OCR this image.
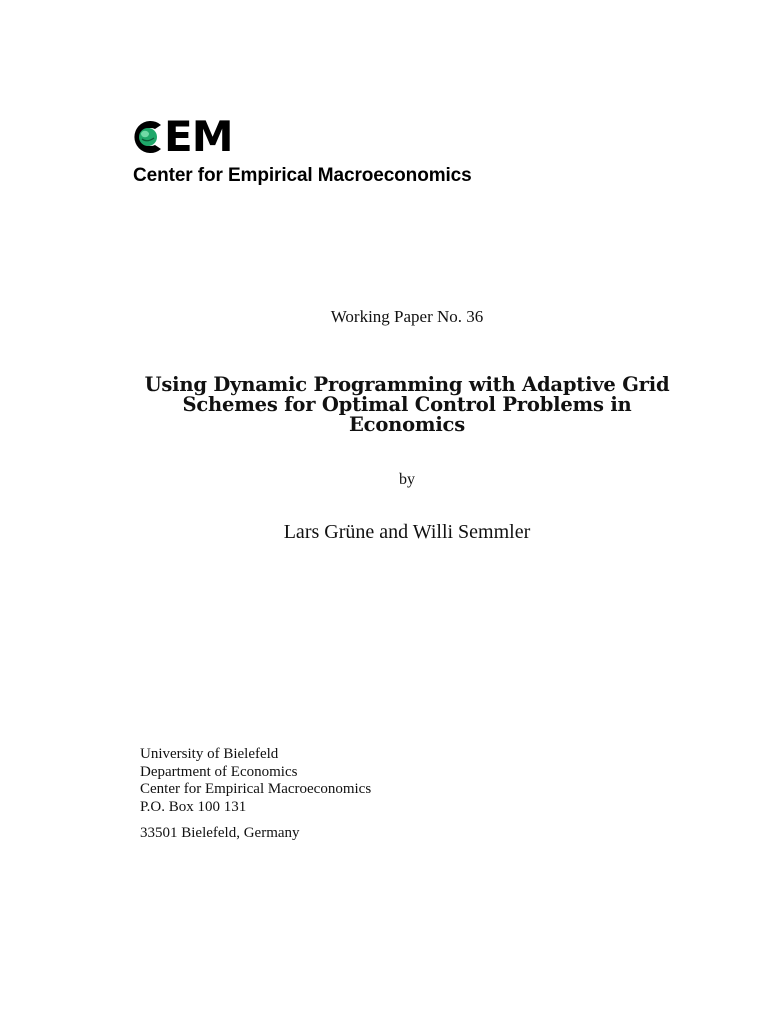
EM
Center for Empirical Macroeconomics
Working Paper No. 36
Using Dynamic Programming with Adaptive Grid
Schemes for Optimal Control Problems in
Economics
by
Lars Grüne and Willi Semmler
University of Bielefeld
Department of Economics
Center for Empirical Macroeconomics
P.O. Box 100 131
33501 Bielefeld, Germany
